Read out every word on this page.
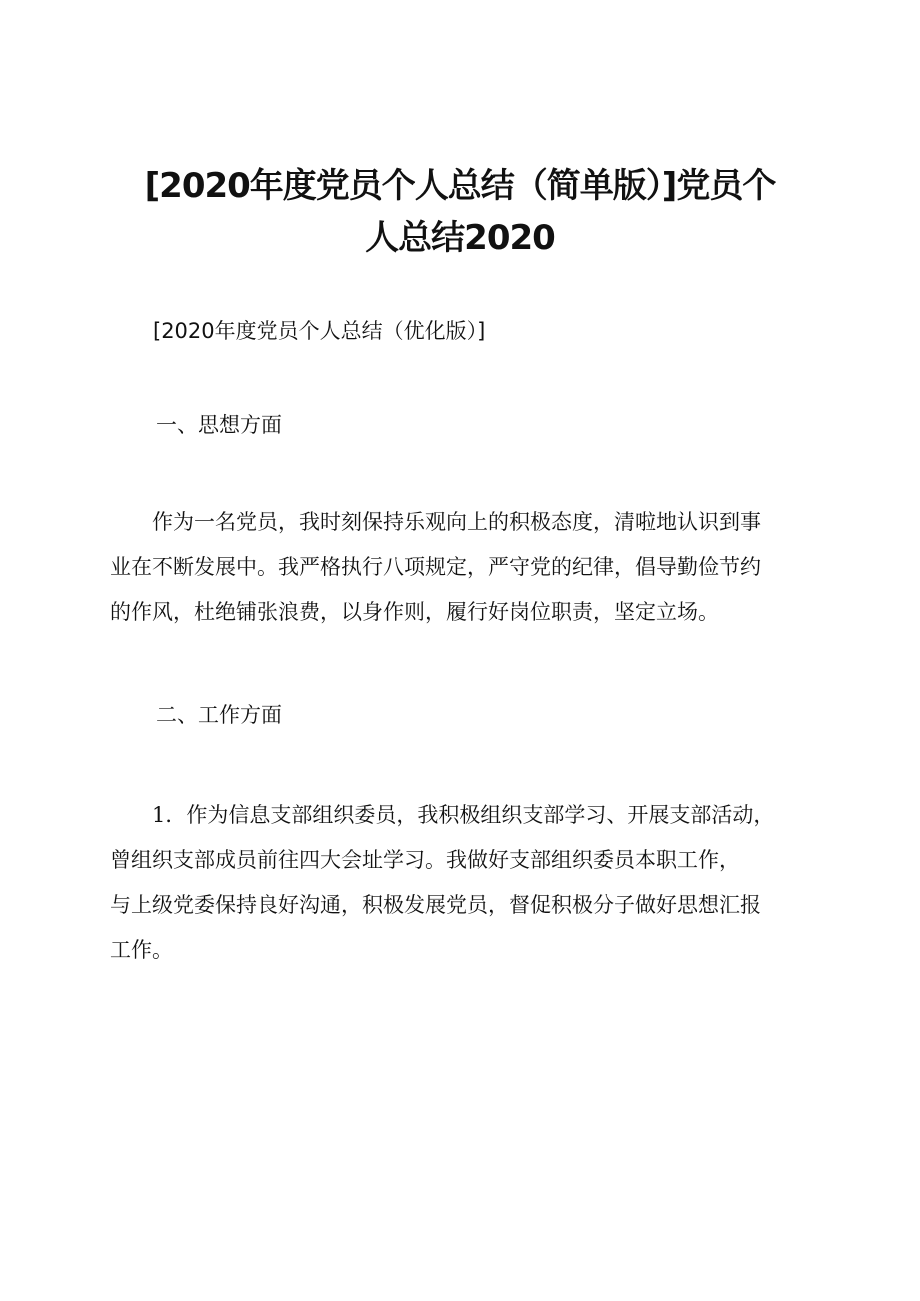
[2020年度党员个人总结（简单版）]党员个
人总结2020

[2020年度党员个人总结（优化版）]

一、思想方面

　　作为一名党员，我时刻保持乐观向上的积极态度，清啦地认识到事
业在不断发展中。我严格执行八项规定，严守党的纪律，倡导勤俭节约
的作风，杜绝铺张浪费，以身作则，履行好岗位职责，坚定立场。

二、工作方面

　　1．作为信息支部组织委员，我积极组织支部学习、开展支部活动，
曾组织支部成员前往四大会址学习。我做好支部组织委员本职工作，
与上级党委保持良好沟通，积极发展党员，督促积极分子做好思想汇报
工作。
